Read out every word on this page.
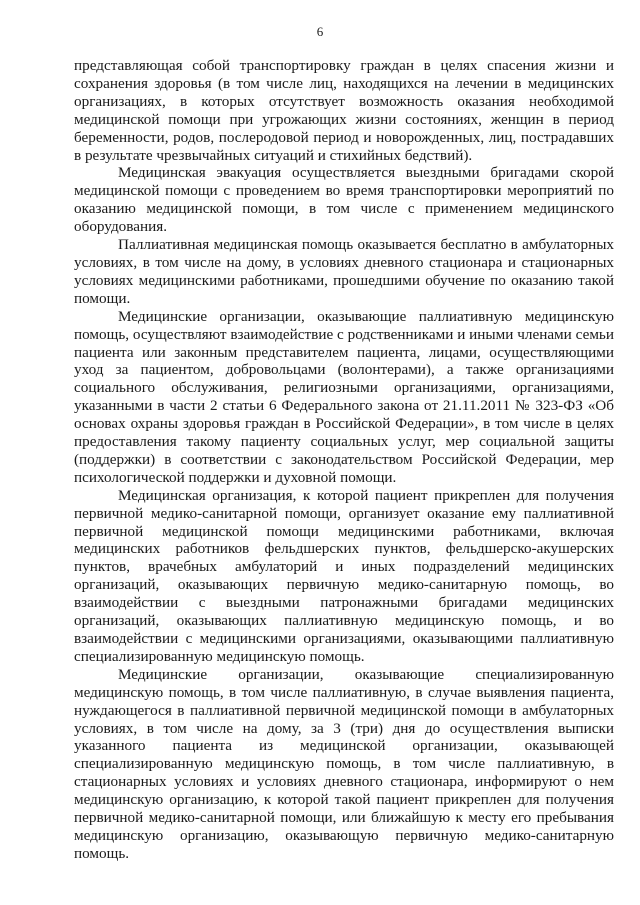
6

представляющая собой транспортировку граждан в целях спасения жизни и сохранения здоровья (в том числе лиц, находящихся на лечении в медицинских организациях, в которых отсутствует возможность оказания необходимой медицинской помощи при угрожающих жизни состояниях, женщин в период беременности, родов, послеродовой период и новорожденных, лиц, пострадавших в результате чрезвычайных ситуаций и стихийных бедствий).

Медицинская эвакуация осуществляется выездными бригадами скорой медицинской помощи с проведением во время транспортировки мероприятий по оказанию медицинской помощи, в том числе с применением медицинского оборудования.

Паллиативная медицинская помощь оказывается бесплатно в амбулаторных условиях, в том числе на дому, в условиях дневного стационара и стационарных условиях медицинскими работниками, прошедшими обучение по оказанию такой помощи.

Медицинские организации, оказывающие паллиативную медицинскую помощь, осуществляют взаимодействие с родственниками и иными членами семьи пациента или законным представителем пациента, лицами, осуществляющими уход за пациентом, добровольцами (волонтерами), а также организациями социального обслуживания, религиозными организациями, организациями, указанными в части 2 статьи 6 Федерального закона от 21.11.2011 № 323-ФЗ «Об основах охраны здоровья граждан в Российской Федерации», в том числе в целях предоставления такому пациенту социальных услуг, мер социальной защиты (поддержки) в соответствии с законодательством Российской Федерации, мер психологической поддержки и духовной помощи.

Медицинская организация, к которой пациент прикреплен для получения первичной медико-санитарной помощи, организует оказание ему паллиативной первичной медицинской помощи медицинскими работниками, включая медицинских работников фельдшерских пунктов, фельдшерско-акушерских пунктов, врачебных амбулаторий и иных подразделений медицинских организаций, оказывающих первичную медико-санитарную помощь, во взаимодействии с выездными патронажными бригадами медицинских организаций, оказывающих паллиативную медицинскую помощь, и во взаимодействии с медицинскими организациями, оказывающими паллиативную специализированную медицинскую помощь.

Медицинские организации, оказывающие специализированную медицинскую помощь, в том числе паллиативную, в случае выявления пациента, нуждающегося в паллиативной первичной медицинской помощи в амбулаторных условиях, в том числе на дому, за 3 (три) дня до осуществления выписки указанного пациента из медицинской организации, оказывающей специализированную медицинскую помощь, в том числе паллиативную, в стационарных условиях и условиях дневного стационара, информируют о нем медицинскую организацию, к которой такой пациент прикреплен для получения первичной медико-санитарной помощи, или ближайшую к месту его пребывания медицинскую организацию, оказывающую первичную медико-санитарную помощь.
